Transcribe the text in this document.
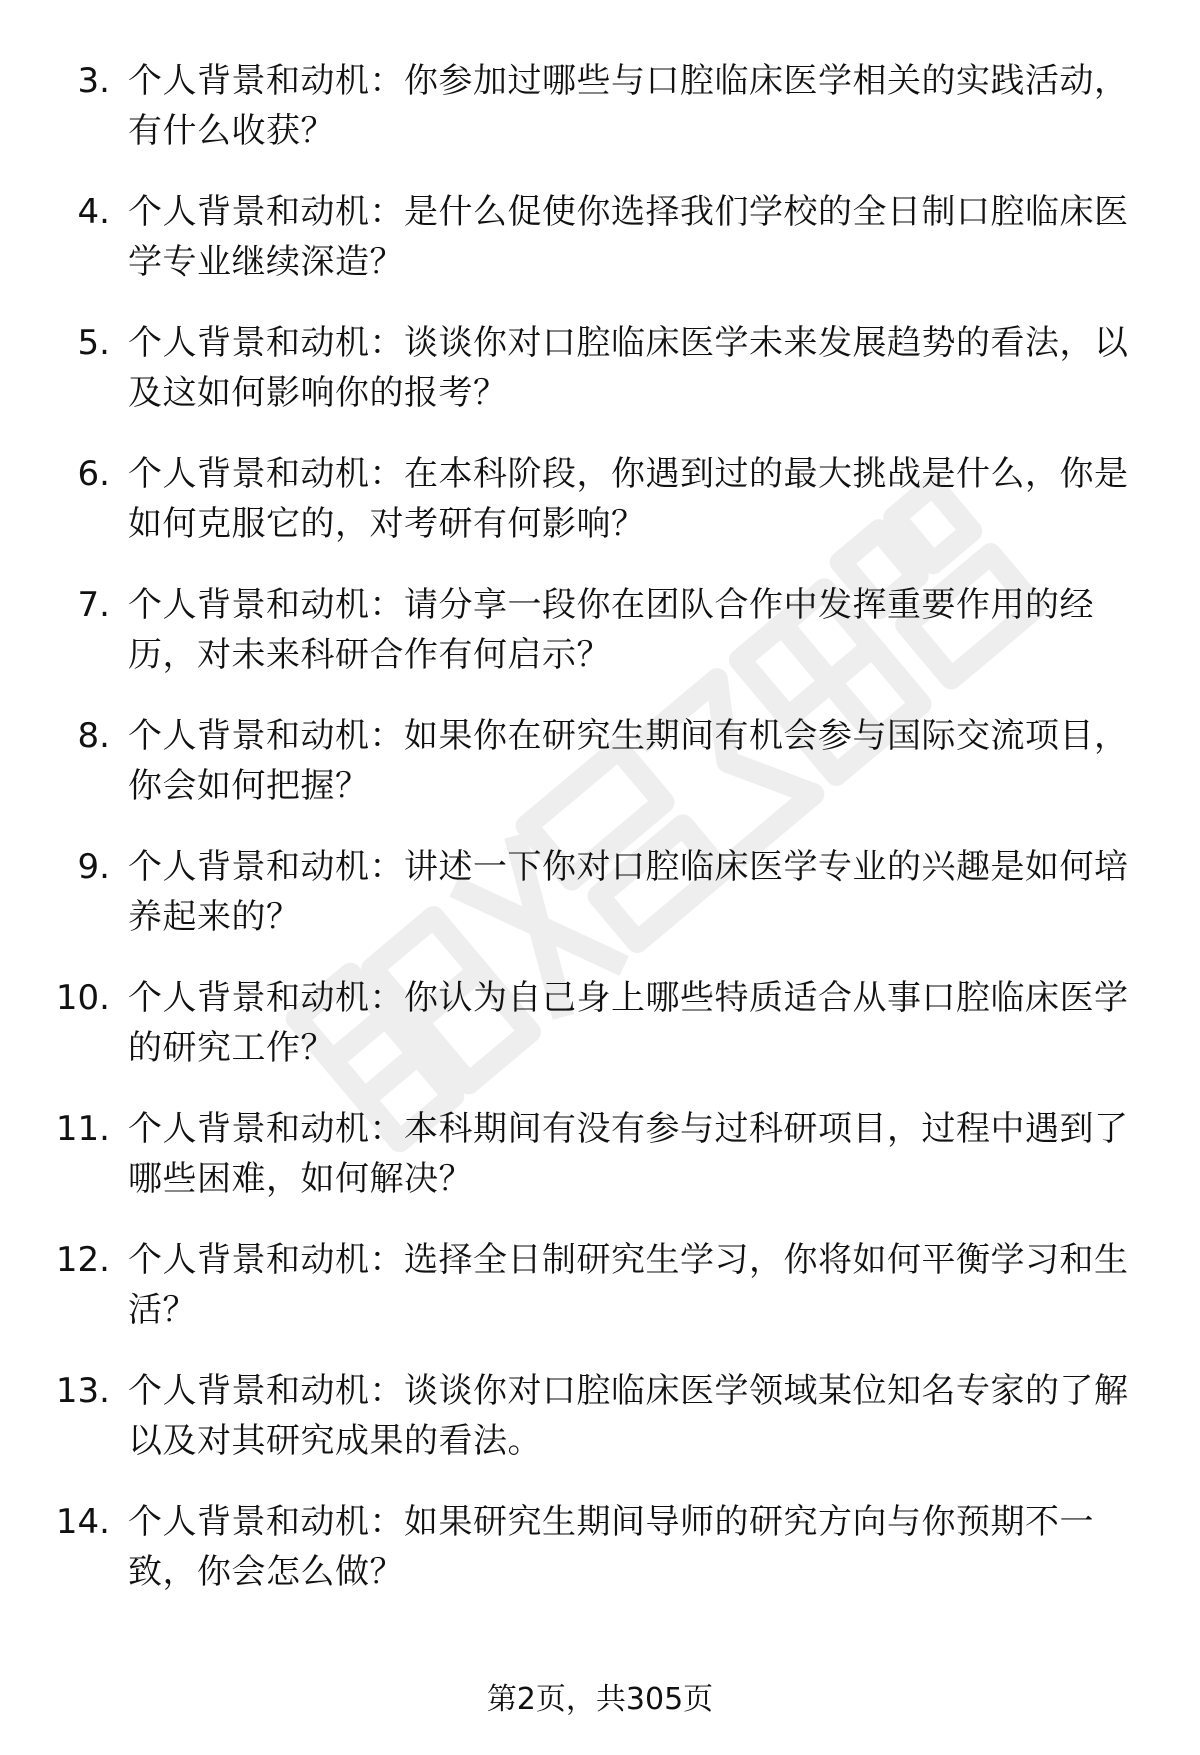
3. 个人背景和动机：你参加过哪些与口腔临床医学相关的实践活动，有什么收获？
4. 个人背景和动机：是什么促使你选择我们学校的全日制口腔临床医学专业继续深造？
5. 个人背景和动机：谈谈你对口腔临床医学未来发展趋势的看法，以及这如何影响你的报考？
6. 个人背景和动机：在本科阶段，你遇到过的最大挑战是什么，你是如何克服它的，对考研有何影响？
7. 个人背景和动机：请分享一段你在团队合作中发挥重要作用的经历，对未来科研合作有何启示？
8. 个人背景和动机：如果你在研究生期间有机会参与国际交流项目，你会如何把握？
9. 个人背景和动机：讲述一下你对口腔临床医学专业的兴趣是如何培养起来的？
10. 个人背景和动机：你认为自己身上哪些特质适合从事口腔临床医学的研究工作？
11. 个人背景和动机：本科期间有没有参与过科研项目，过程中遇到了哪些困难，如何解决？
12. 个人背景和动机：选择全日制研究生学习，你将如何平衡学习和生活？
13. 个人背景和动机：谈谈你对口腔临床医学领域某位知名专家的了解以及对其研究成果的看法。
14. 个人背景和动机：如果研究生期间导师的研究方向与你预期不一致，你会怎么做？
第2页，共305页
